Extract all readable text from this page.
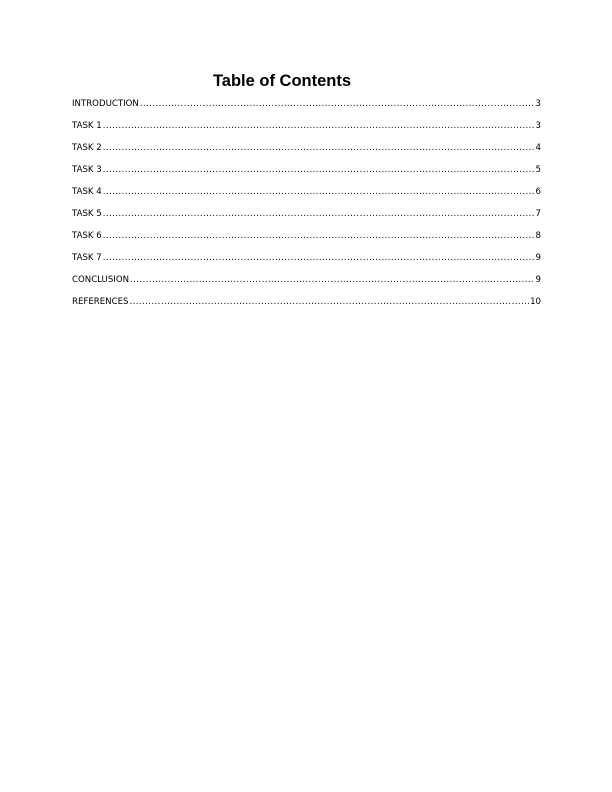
Table of Contents
INTRODUCTION .....	3
TASK 1 .....	3
TASK 2 .....	4
TASK 3 .....	5
TASK 4 .....	6
TASK 5 .....	7
TASK 6 .....	8
TASK 7 .....	9
CONCLUSION .....	9
REFERENCES .....	10
